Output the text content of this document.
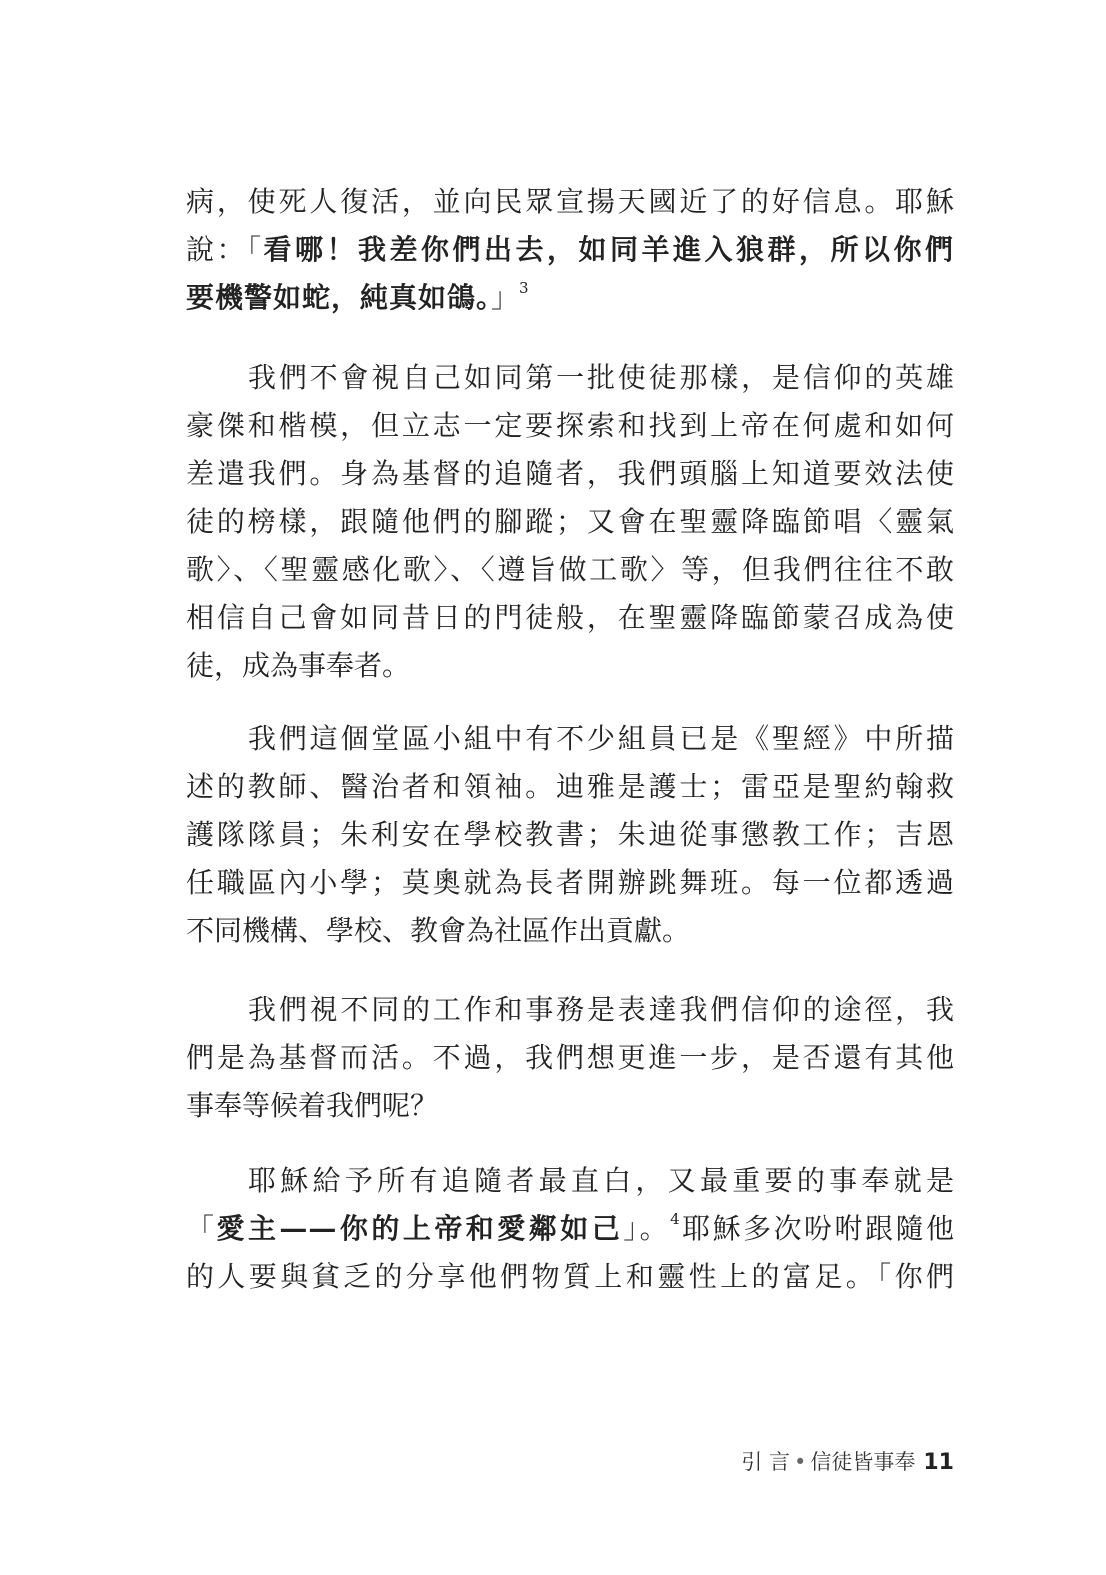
病，使死人復活，並向民眾宣揚天國近了的好信息。耶穌
說：「看哪！我差你們出去，如同羊進入狼群，所以你們
要機警如蛇，純真如鴿。」$^3$
我們不會視自己如同第一批使徒那樣，是信仰的英雄
豪傑和楷模，但立志一定要探索和找到上帝在何處和如何
差遣我們。身為基督的追隨者，我們頭腦上知道要效法使
徒的榜樣，跟隨他們的腳蹤；又會在聖靈降臨節唱〈靈氣
歌〉、〈聖靈感化歌〉、〈遵旨做工歌〉等，但我們往往不敢
相信自己會如同昔日的門徒般，在聖靈降臨節蒙召成為使
徒，成為事奉者。
我們這個堂區小組中有不少組員已是《聖經》中所描
述的教師、醫治者和領袖。迪雅是護士；雷亞是聖約翰救
護隊隊員；朱利安在學校教書；朱迪從事懲教工作；吉恩
任職區內小學；莫奧就為長者開辦跳舞班。每一位都透過
不同機構、學校、教會為社區作出貢獻。
我們視不同的工作和事務是表達我們信仰的途徑，我
們是為基督而活。不過，我們想更進一步，是否還有其他
事奉等候着我們呢？
耶穌給予所有追隨者最直白，又最重要的事奉就是
「愛主——你的上帝和愛鄰如己」。$^4$耶穌多次吩咐跟隨他
的人要與貧乏的分享他們物質上和靈性上的富足。「你們
引 言 • 信徒皆事奉 11
